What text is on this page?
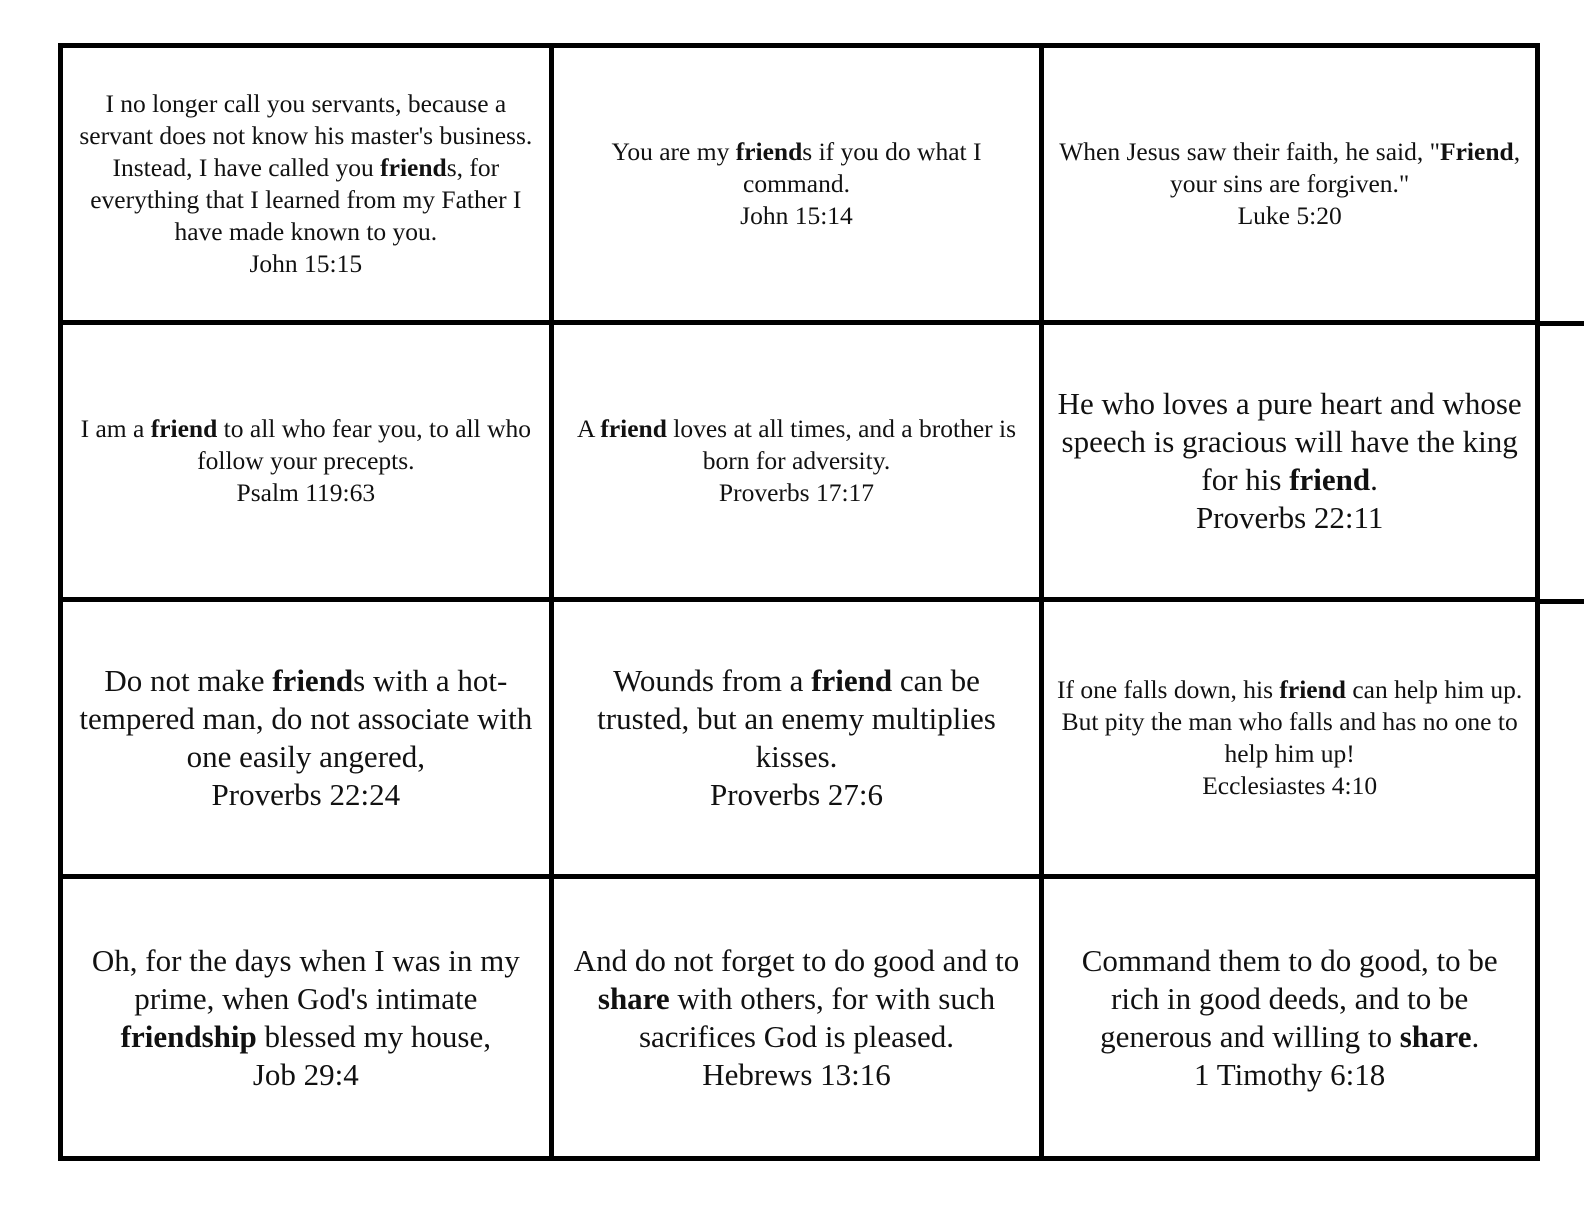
I no longer call you servants, because a servant does not know his master's business. Instead, I have called you friends, for everything that I learned from my Father I have made known to you.
John 15:15
You are my friends if you do what I command.
John 15:14
When Jesus saw their faith, he said, "Friend, your sins are forgiven."
Luke 5:20
I am a friend to all who fear you, to all who follow your precepts.
Psalm 119:63
A friend loves at all times, and a brother is born for adversity.
Proverbs 17:17
He who loves a pure heart and whose speech is gracious will have the king for his friend.
Proverbs 22:11
Do not make friends with a hot-tempered man, do not associate with one easily angered,
Proverbs 22:24
Wounds from a friend can be trusted, but an enemy multiplies kisses.
Proverbs 27:6
If one falls down, his friend can help him up. But pity the man who falls and has no one to help him up!
Ecclesiastes 4:10
Oh, for the days when I was in my prime, when God's intimate friendship blessed my house,
Job 29:4
And do not forget to do good and to share with others, for with such sacrifices God is pleased.
Hebrews 13:16
Command them to do good, to be rich in good deeds, and to be generous and willing to share.
1 Timothy 6:18
